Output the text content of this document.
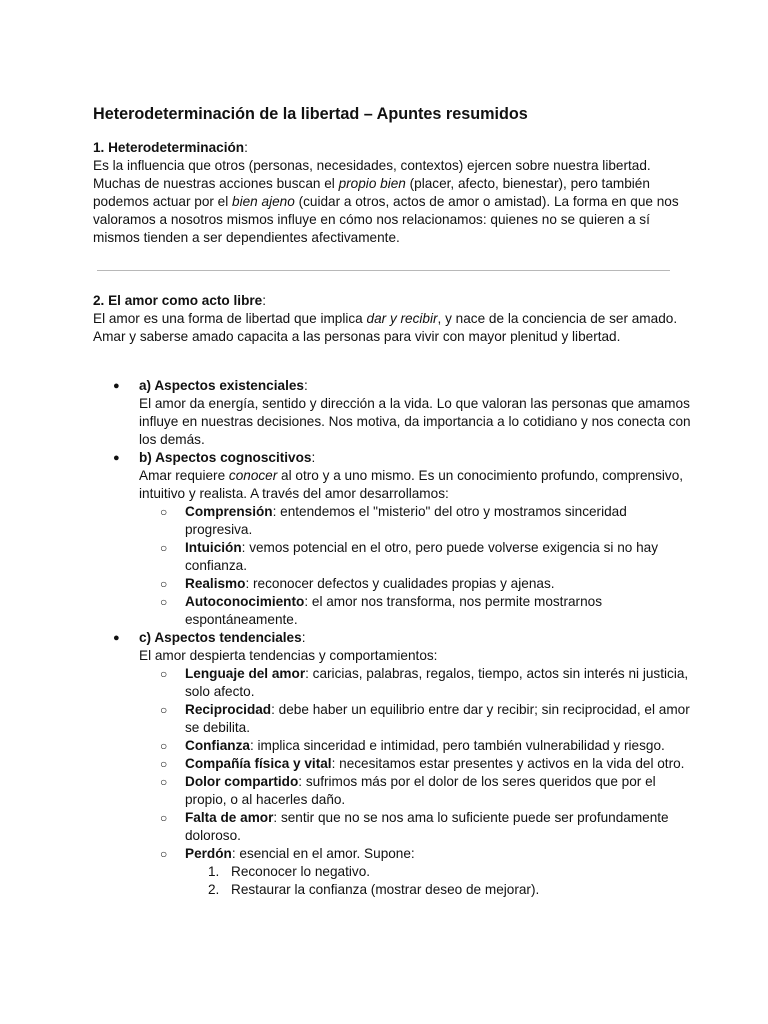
Heterodeterminación de la libertad – Apuntes resumidos

1. Heterodeterminación:
Es la influencia que otros (personas, necesidades, contextos) ejercen sobre nuestra libertad. Muchas de nuestras acciones buscan el propio bien (placer, afecto, bienestar), pero también podemos actuar por el bien ajeno (cuidar a otros, actos de amor o amistad). La forma en que nos valoramos a nosotros mismos influye en cómo nos relacionamos: quienes no se quieren a sí mismos tienden a ser dependientes afectivamente.

2. El amor como acto libre:
El amor es una forma de libertad que implica dar y recibir, y nace de la conciencia de ser amado. Amar y saberse amado capacita a las personas para vivir con mayor plenitud y libertad.

● a) Aspectos existenciales:
El amor da energía, sentido y dirección a la vida. Lo que valoran las personas que amamos influye en nuestras decisiones. Nos motiva, da importancia a lo cotidiano y nos conecta con los demás.
● b) Aspectos cognoscitivos:
Amar requiere conocer al otro y a uno mismo. Es un conocimiento profundo, comprensivo, intuitivo y realista. A través del amor desarrollamos:
○ Comprensión: entendemos el "misterio" del otro y mostramos sinceridad progresiva.
○ Intuición: vemos potencial en el otro, pero puede volverse exigencia si no hay confianza.
○ Realismo: reconocer defectos y cualidades propias y ajenas.
○ Autoconocimiento: el amor nos transforma, nos permite mostrarnos espontáneamente.
● c) Aspectos tendenciales:
El amor despierta tendencias y comportamientos:
○ Lenguaje del amor: caricias, palabras, regalos, tiempo, actos sin interés ni justicia, solo afecto.
○ Reciprocidad: debe haber un equilibrio entre dar y recibir; sin reciprocidad, el amor se debilita.
○ Confianza: implica sinceridad e intimidad, pero también vulnerabilidad y riesgo.
○ Compañía física y vital: necesitamos estar presentes y activos en la vida del otro.
○ Dolor compartido: sufrimos más por el dolor de los seres queridos que por el propio, o al hacerles daño.
○ Falta de amor: sentir que no se nos ama lo suficiente puede ser profundamente doloroso.
○ Perdón: esencial en el amor. Supone:
1. Reconocer lo negativo.
2. Restaurar la confianza (mostrar deseo de mejorar).
